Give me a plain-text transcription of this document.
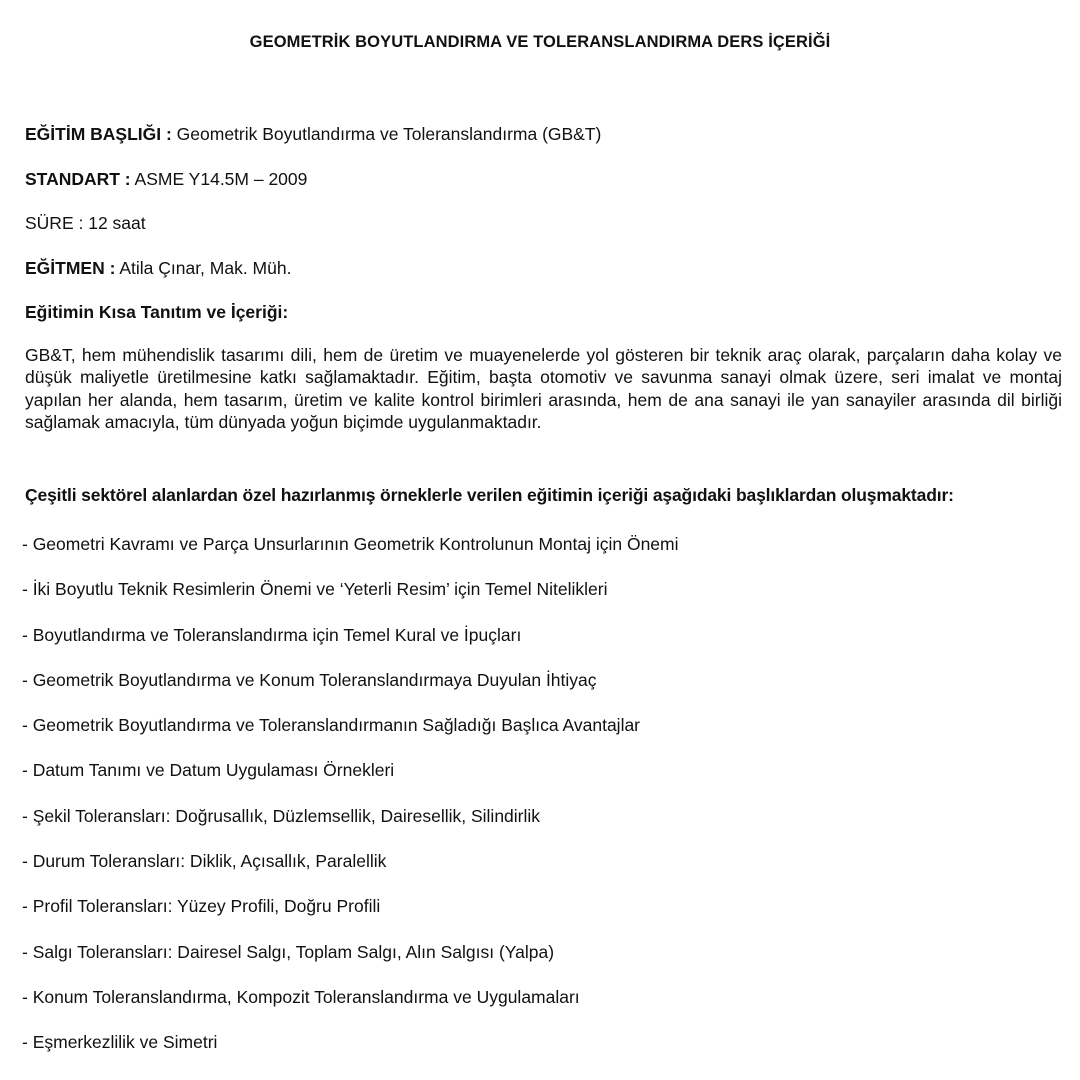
GEOMETRİK BOYUTLANDIRMA VE TOLERANSLANDIRMA DERS İÇERİĞİ
EĞİTİM BAŞLIĞI : Geometrik Boyutlandırma ve Toleranslandırma (GB&T)
STANDART : ASME Y14.5M – 2009
SÜRE : 12 saat
EĞİTMEN : Atila Çınar, Mak. Müh.
Eğitimin Kısa Tanıtım ve İçeriği:
GB&T, hem mühendislik tasarımı dili, hem de üretim ve muayenelerde yol gösteren bir teknik araç olarak, parçaların daha kolay ve düşük maliyetle üretilmesine katkı sağlamaktadır. Eğitim, başta otomotiv ve savunma sanayi olmak üzere, seri imalat ve montaj yapılan her alanda, hem tasarım, üretim ve kalite kontrol birimleri arasında, hem de ana sanayi ile yan sanayiler arasında dil birliği sağlamak amacıyla, tüm dünyada yoğun biçimde uygulanmaktadır.
Çeşitli sektörel alanlardan özel hazırlanmış örneklerle verilen eğitimin içeriği aşağıdaki başlıklardan oluşmaktadır:
- Geometri Kavramı ve Parça Unsurlarının Geometrik Kontrolunun Montaj için Önemi
- İki Boyutlu Teknik Resimlerin Önemi ve ‘Yeterli Resim’ için Temel Nitelikleri
- Boyutlandırma ve Toleranslandırma için Temel Kural ve İpuçları
- Geometrik Boyutlandırma ve Konum Toleranslandırmaya Duyulan İhtiyaç
- Geometrik Boyutlandırma ve Toleranslandırmanın Sağladığı Başlıca Avantajlar
- Datum Tanımı ve Datum Uygulaması Örnekleri
- Şekil Toleransları: Doğrusallık, Düzlemsellik, Dairesellik, Silindirlik
- Durum Toleransları: Diklik, Açısallık, Paralellik
- Profil Toleransları: Yüzey Profili, Doğru Profili
- Salgı Toleransları: Dairesel Salgı, Toplam Salgı, Alın Salgısı (Yalpa)
- Konum Toleranslandırma, Kompozit Toleranslandırma ve Uygulamaları
- Eşmerkezlilik ve Simetri
